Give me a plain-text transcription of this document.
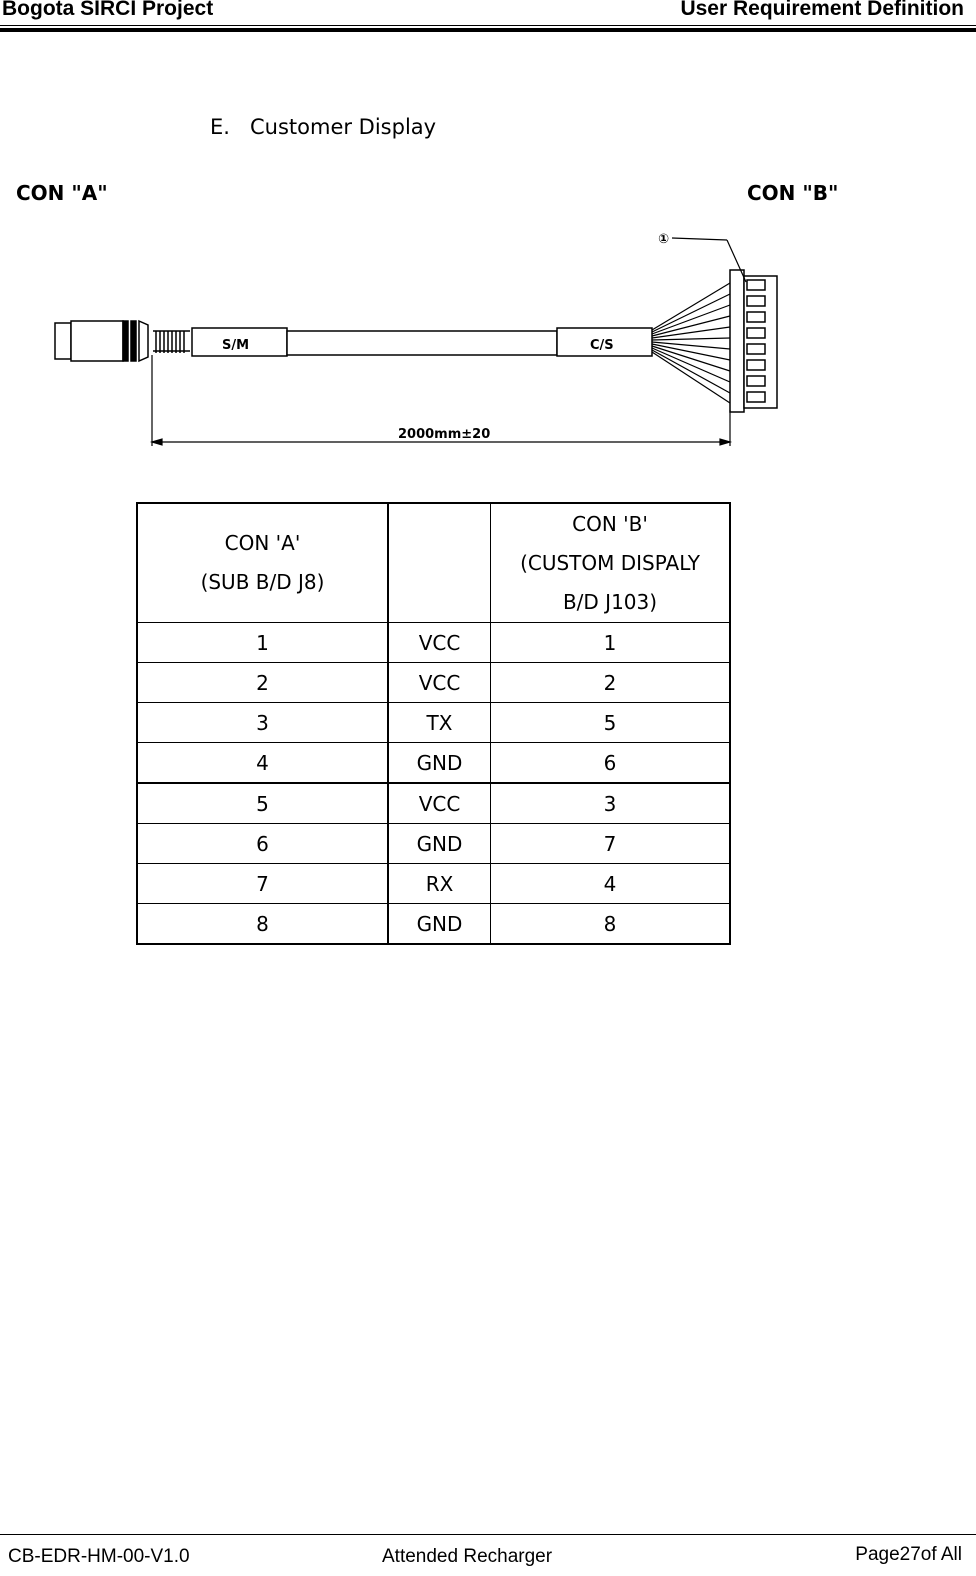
Bogota SIRCI Project	User Requirement Definition
E. Customer Display
CON "A"	CON "B"
S/M	C/S
①
2000mm±20
CON 'A'
(SUB B/D J8)		CON 'B'
(CUSTOM DISPALY
B/D J103)
1	VCC	1
2	VCC	2
3	TX	5
4	GND	6
5	VCC	3
6	GND	7
7	RX	4
8	GND	8
CB-EDR-HM-00-V1.0	Attended Recharger	Page27of All
